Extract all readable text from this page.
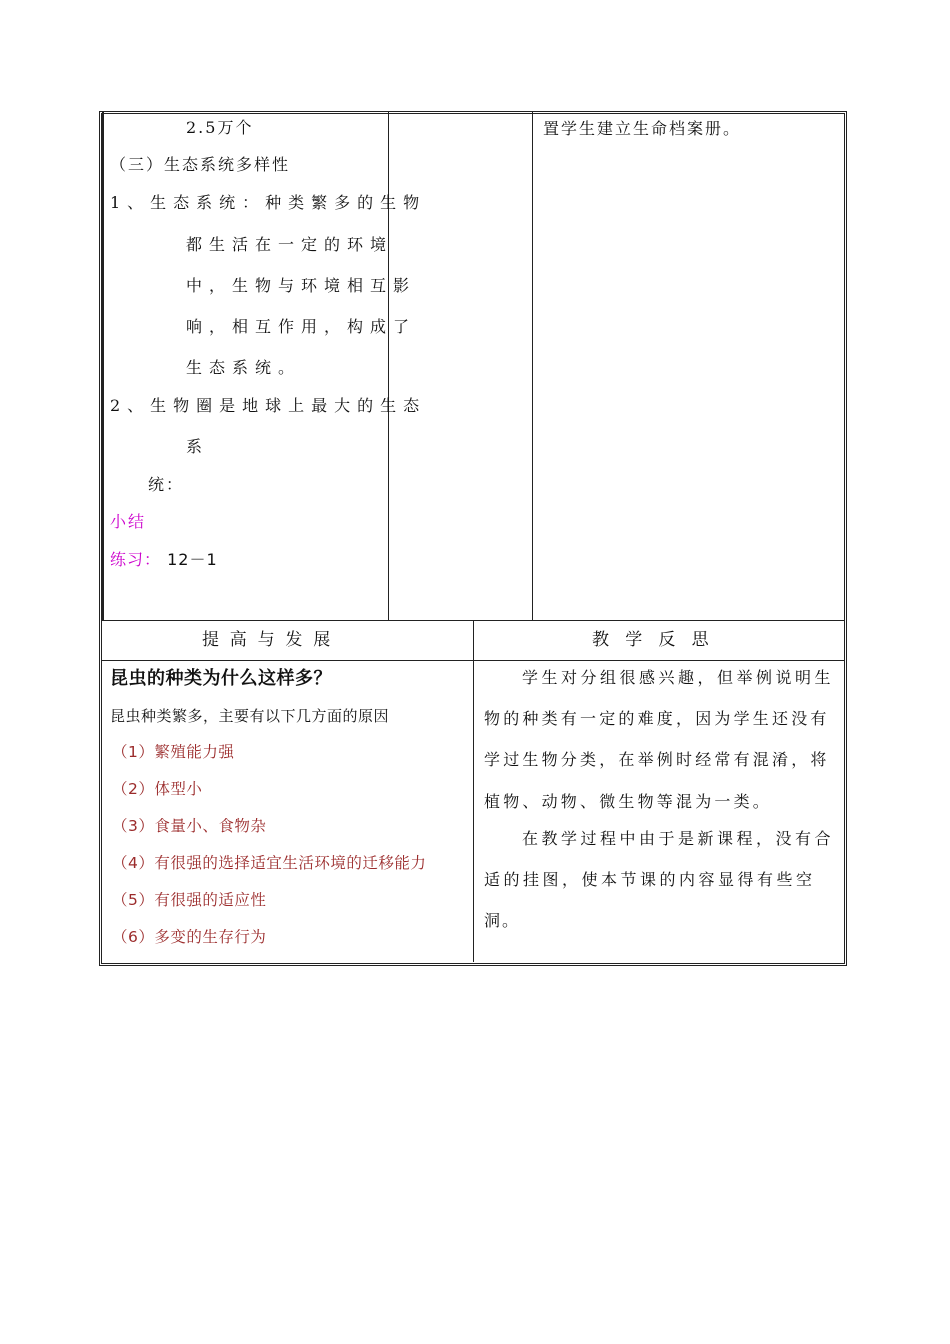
2.5万个
（三）生态系统多样性
1、生态系统：种类繁多的生物
都生活在一定的环境
中，生物与环境相互影
响，相互作用，构成了
生态系统。
2、生物圈是地球上最大的生态
系
统：
小结
练习： 12－1
置学生建立生命档案册。
提  高  与  发  展	教   学   反   思
昆虫的种类为什么这样多？
昆虫种类繁多，主要有以下几方面的原因
（1）繁殖能力强
（2）体型小
（3）食量小、食物杂
（4）有很强的选择适宜生活环境的迁移能力
（5）有很强的适应性
（6）多变的生存行为
学生对分组很感兴趣，但举例说明生
物的种类有一定的难度，因为学生还没有
学过生物分类，在举例时经常有混淆，将
植物、动物、微生物等混为一类。
在教学过程中由于是新课程，没有合
适的挂图，使本节课的内容显得有些空
洞。
